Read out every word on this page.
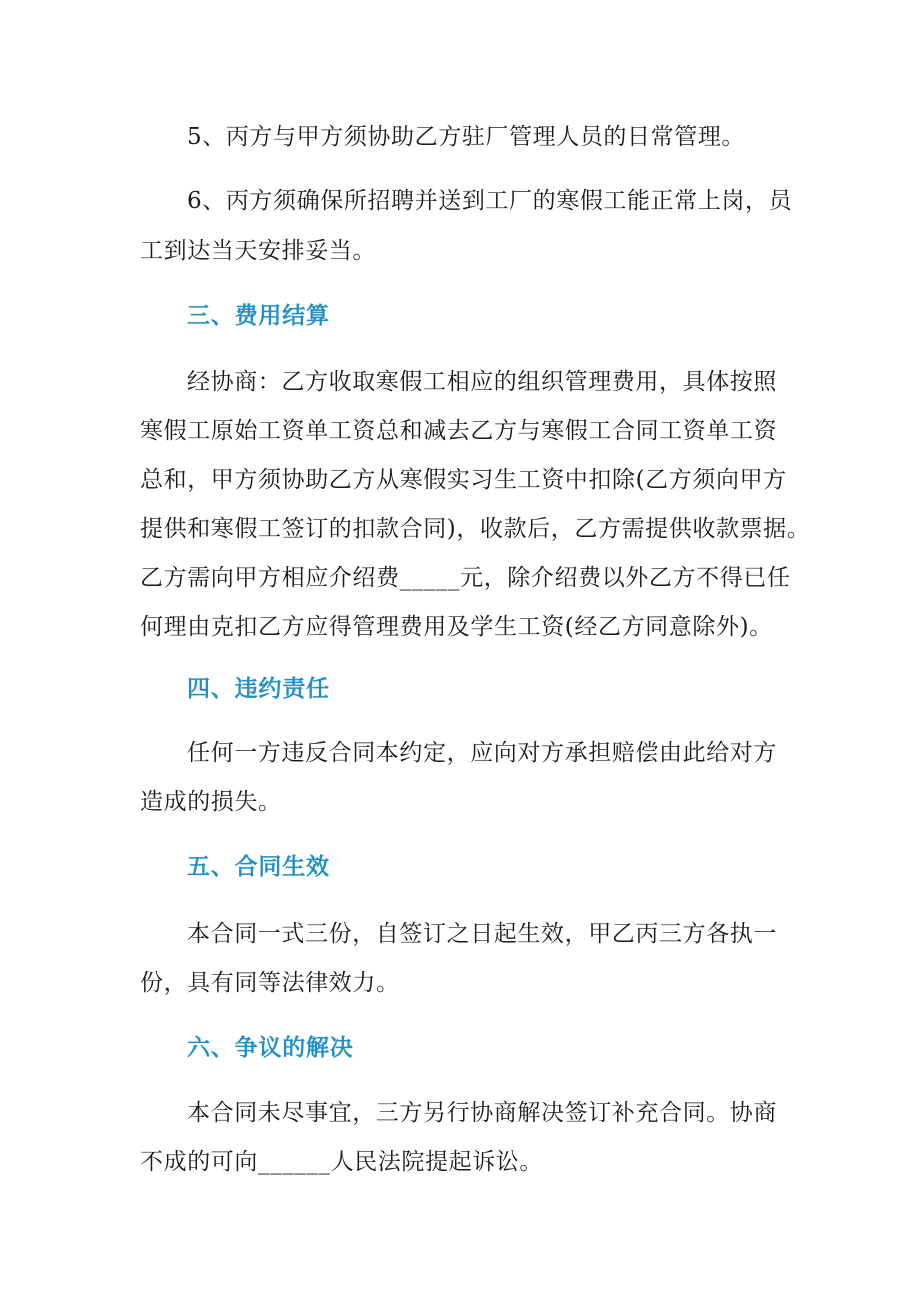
5、丙方与甲方须协助乙方驻厂管理人员的日常管理。
6、丙方须确保所招聘并送到工厂的寒假工能正常上岗，员
工到达当天安排妥当。
三、费用结算
经协商：乙方收取寒假工相应的组织管理费用，具体按照
寒假工原始工资单工资总和减去乙方与寒假工合同工资单工资
总和，甲方须协助乙方从寒假实习生工资中扣除(乙方须向甲方
提供和寒假工签订的扣款合同)，收款后，乙方需提供收款票据。
乙方需向甲方相应介绍费_____元，除介绍费以外乙方不得已任
何理由克扣乙方应得管理费用及学生工资(经乙方同意除外)。
四、违约责任
任何一方违反合同本约定，应向对方承担赔偿由此给对方
造成的损失。
五、合同生效
本合同一式三份，自签订之日起生效，甲乙丙三方各执一
份，具有同等法律效力。
六、争议的解决
本合同未尽事宜，三方另行协商解决签订补充合同。协商
不成的可向______人民法院提起诉讼。
